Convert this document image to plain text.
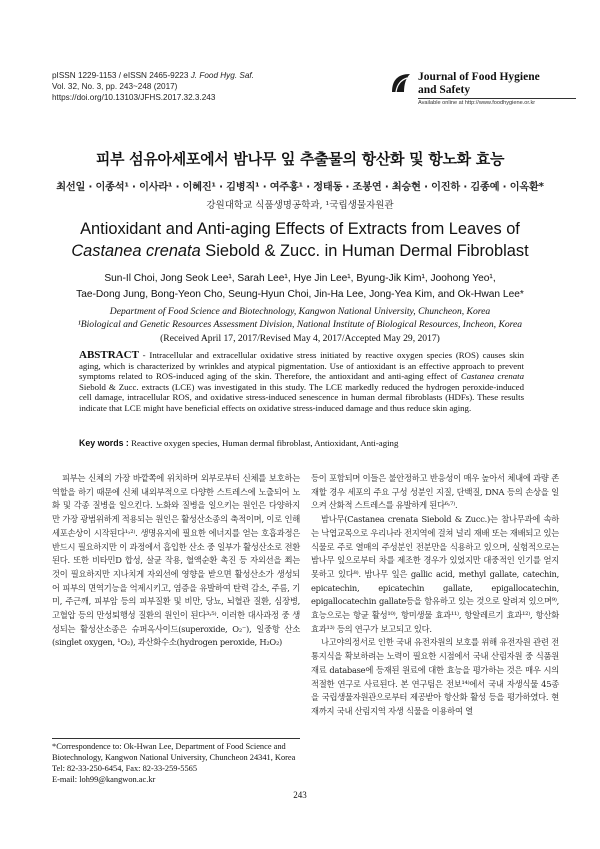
pISSN 1229-1153 / eISSN 2465-9223 J. Food Hyg. Saf.
Vol. 32, No. 3, pp. 243~248 (2017)
https://doi.org/10.13103/JFHS.2017.32.3.243
Journal of Food Hygiene
and Safety
Available online at http://www.foodhygiene.or.kr
피부 섬유아세포에서 밤나무 잎 추출물의 항산화 및 항노화 효능
최선일 · 이종석¹ · 이사라¹ · 이혜진¹ · 김병직¹ · 여주홍¹ · 정태동 · 조봉연 · 최승현 · 이진하 · 김종예 · 이옥환*
강원대학교 식품생명공학과, ¹국립생물자원관
Antioxidant and Anti-aging Effects of Extracts from Leaves of
Castanea crenata Siebold & Zucc. in Human Dermal Fibroblast
Sun-Il Choi, Jong Seok Lee¹, Sarah Lee¹, Hye Jin Lee¹, Byung-Jik Kim¹, Joohong Yeo¹,
Tae-Dong Jung, Bong-Yeon Cho, Seung-Hyun Choi, Jin-Ha Lee, Jong-Yea Kim, and Ok-Hwan Lee*
Department of Food Science and Biotechnology, Kangwon National University, Chuncheon, Korea
¹Biological and Genetic Resources Assessment Division, National Institute of Biological Resources, Incheon, Korea
(Received April 17, 2017/Revised May 4, 2017/Accepted May 29, 2017)
ABSTRACT - Intracellular and extracellular oxidative stress initiated by reactive oxygen species (ROS) causes skin aging, which is characterized by wrinkles and atypical pigmentation. Use of antioxidant is an effective approach to prevent symptoms related to ROS-induced aging of the skin. Therefore, the antioxidant and anti-aging effect of Castanea crenata Siebold & Zucc. extracts (LCE) was investigated in this study. The LCE markedly reduced the hydrogen peroxide-induced cell damage, intracellular ROS, and oxidative stress-induced senescence in human dermal fibroblasts (HDFs). These results indicate that LCE might have beneficial effects on oxidative stress-induced damage and thus reduce skin aging.
Key words : Reactive oxygen species, Human dermal fibroblast, Antioxidant, Anti-aging

피부는 신체의 가장 바깥쪽에 위치하며 외부로부터 신체를 보호하는 역할을 하기 때문에 신체 내외부적으로 다양한 스트레스에 노출되어 노화 및 각종 질병을 일으킨다. 노화와 질병을 일으키는 원인은 다양하지만 가장 광범위하게 적용되는 원인은 활성산소종의 축적이며, 이로 인해 세포손상이 시작된다¹˒²⁾. 생명유지에 필요한 에너지를 얻는 호흡과정은 반드시 필요하지만 이 과정에서 흡입한 산소 중 일부가 활성산소로 전환된다. 또한 비타민D 합성, 살균 작용, 혈액순환 촉진 등 자외선을 쬐는 것이 필요하지만 지나치게 자외선에 영향을 받으면 활성산소가 생성되어 피부의 면역기능을 억제시키고, 염증을 유발하여 탄력 감소, 주름, 기미, 주근깨, 피부암 등의 피부질환 및 비만, 당뇨, 뇌혈관 질환, 심장병, 고혈압 등의 만성퇴행성 질환의 원인이 된다³˒⁵⁾. 이러한 대사과정 중 생성되는 활성산소종은 슈퍼옥사이드(superoxide, O₂⁻), 일중항 산소 (singlet oxygen, ¹O₂), 과산화수소(hydrogen peroxide, H₂O₂)

*Correspondence to: Ok-Hwan Lee, Department of Food Science and Biotechnology, Kangwon National University, Chuncheon 24341, Korea
Tel: 82-33-250-6454, Fax: 82-33-259-5565
E-mail: loh99@kangwon.ac.kr

등이 포함되며 이들은 불안정하고 반응성이 매우 높아서 체내에 과량 존재할 경우 세포의 주요 구성 성분인 지질, 단백질, DNA 등의 손상을 일으켜 산화적 스트레스를 유발하게 된다⁶˒⁷⁾.

밤나무(Castanea crenata Siebold & Zucc.)는 참나무과에 속하는 낙엽교목으로 우리나라 전지역에 걸쳐 널리 재배 또는 재배되고 있는 식물로 주로 열매의 주성분인 전분만을 식용하고 있으며, 실험적으로는 밤나무 잎으로부터 차를 제조한 경우가 있었지만 대중적인 인기를 얻지 못하고 있다⁸⁾. 밤나무 잎은 gallic acid, methyl gallate, catechin, epicatechin, epicatechin gallate, epigallocatechin, epigallocatechin gallate등을 함유하고 있는 것으로 알려져 있으며⁹⁾, 효능으로는 항균 활성¹⁰⁾, 항미생물 효과¹¹⁾, 항알레르기 효과¹²⁾, 항산화 효과¹³⁾ 등의 연구가 보고되고 있다.

나고야의정서로 인한 국내 유전자원의 보호를 위해 유전자원 관련 전통지식을 확보하려는 노력이 필요한 시점에서 국내 산림자원 중 식품원재료 database에 등재된 원료에 대한 효능을 평가하는 것은 매우 시의적절한 연구로 사료된다. 본 연구팀은 전보¹⁴⁾에서 국내 자생식물 45종을 국립생물자원관으로부터 제공받아 항산화 활성 등을 평가하였다. 현재까지 국내 산림지역 자생 식물을 이용하여 열

243
